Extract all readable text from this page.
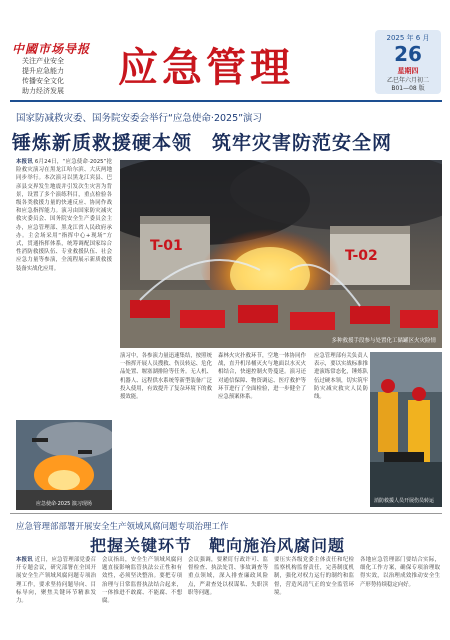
中國市场导报
关注产业安全
提升应急能力
传播安全文化
助力经济发展	应急管理
2025 年 6 月
26
星期四
乙巳年六月初二
B01—08 版
国家防减救灾委、国务院安委会举行“应急使命·2025”演习
锤炼新质救援硬本领　筑牢灾害防范安全网
本报讯 6月24日，“应急使命·2025”抢险救灾演习在黑龙江哈尔滨、大庆两地同步举行。本次演习以黑龙江宾县、巴彦县交界发生地震并引发次生灾害为背景，设置了多个演练科目，重点检验各级各类救援力量的快速反应、协同作战和应急指挥能力。演习由国家防灾减灾救灾委员会、国务院安全生产委员会主办，应急管理部、黑龙江省人民政府承办。主会场采用“指挥中心+现场”方式，贯通指挥体系，统筹调配国家综合性消防救援队伍、专业救援队伍、社会应急力量等参演，全流程展示新质救援装备实战化应用。
T-01
T-02
多种救援手段参与处置化工储罐区火灾险情
应急使命·2025 演习现场
演习中，各参演力量迅速集结，按照统一指挥开展人员搜救、伤员转运、危化品处置、堰塞湖排险等任务。无人机、机器人、远程供水系统等新型装备广泛投入使用，有效提升了复杂环境下的救援效能。
森林火灾扑救环节，空地一体协同作战，直升机吊桶灭火与地面以水灭火相结合，快速控制火势蔓延。演习还对通信保障、物资调运、医疗救护等环节进行了全面检验，进一步健全了应急预案体系。
应急管理部有关负责人表示，要以实战标准推进演练常态化，锤炼队伍过硬本领，切实筑牢防灾减灾救灾人民防线。
消防救援人员开展伤员转运
应急管理部部署开展安全生产领域风腐问题专项治理工作
把握关键环节　靶向施治风腐问题
本报讯 近日，应急管理部党委召开专题会议，研究部署在全国开展安全生产领域风腐问题专项治理工作，要求坚持问题导向、目标导向，聚焦关键环节精准发力。
会议指出，安全生产领域风腐问题直接影响监管执法公正性和有效性，必须坚决整治。要把专项治理与日常监督执法结合起来，一体推进不敢腐、不能腐、不想腐。
会议强调，要紧盯行政许可、监督检查、执法处罚、事故调查等重点领域，深入排查廉政风险点，严肃查处以权谋私、失职渎职等问题。
要压实各级党委主体责任和纪检监察机构监督责任，完善制度机制，强化对权力运行的制约和监督，营造风清气正的安全监管环境。
各地应急管理部门要结合实际，细化工作方案，确保专项治理取得实效，以治理成效推动安全生产形势持续稳定向好。
